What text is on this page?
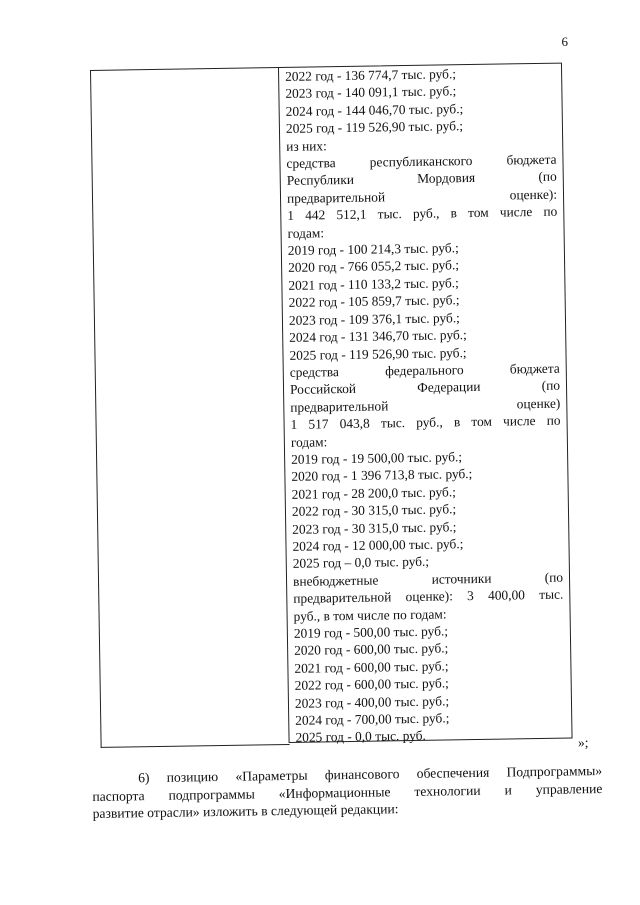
6
2022 год - 136 774,7 тыс. руб.;
2023 год - 140 091,1 тыс. руб.;
2024 год - 144 046,70 тыс. руб.;
2025 год - 119 526,90 тыс. руб.;
из них:
средства республиканского бюджета
Республики Мордовия (по
предварительной оценке):
1 442 512,1 тыс. руб., в том числе по
годам:
2019 год - 100 214,3 тыс. руб.;
2020 год - 766 055,2 тыс. руб.;
2021 год - 110 133,2 тыс. руб.;
2022 год - 105 859,7 тыс. руб.;
2023 год - 109 376,1 тыс. руб.;
2024 год - 131 346,70 тыс. руб.;
2025 год - 119 526,90 тыс. руб.;
средства федерального бюджета
Российской Федерации (по
предварительной оценке)
1 517 043,8 тыс. руб., в том числе по
годам:
2019 год - 19 500,00 тыс. руб.;
2020 год - 1 396 713,8 тыс. руб.;
2021 год - 28 200,0 тыс. руб.;
2022 год - 30 315,0 тыс. руб.;
2023 год - 30 315,0 тыс. руб.;
2024 год - 12 000,00 тыс. руб.;
2025 год – 0,0 тыс. руб.;
внебюджетные источники (по
предварительной оценке): 3 400,00 тыс.
руб., в том числе по годам:
2019 год - 500,00 тыс. руб.;
2020 год - 600,00 тыс. руб.;
2021 год - 600,00 тыс. руб.;
2022 год - 600,00 тыс. руб.;
2023 год - 400,00 тыс. руб.;
2024 год - 700,00 тыс. руб.;
2025 год - 0,0 тыс. руб.	»;
6) позицию «Параметры финансового обеспечения Подпрограммы»
паспорта подпрограммы «Информационные технологии и управление
развитие отрасли» изложить в следующей редакции:
